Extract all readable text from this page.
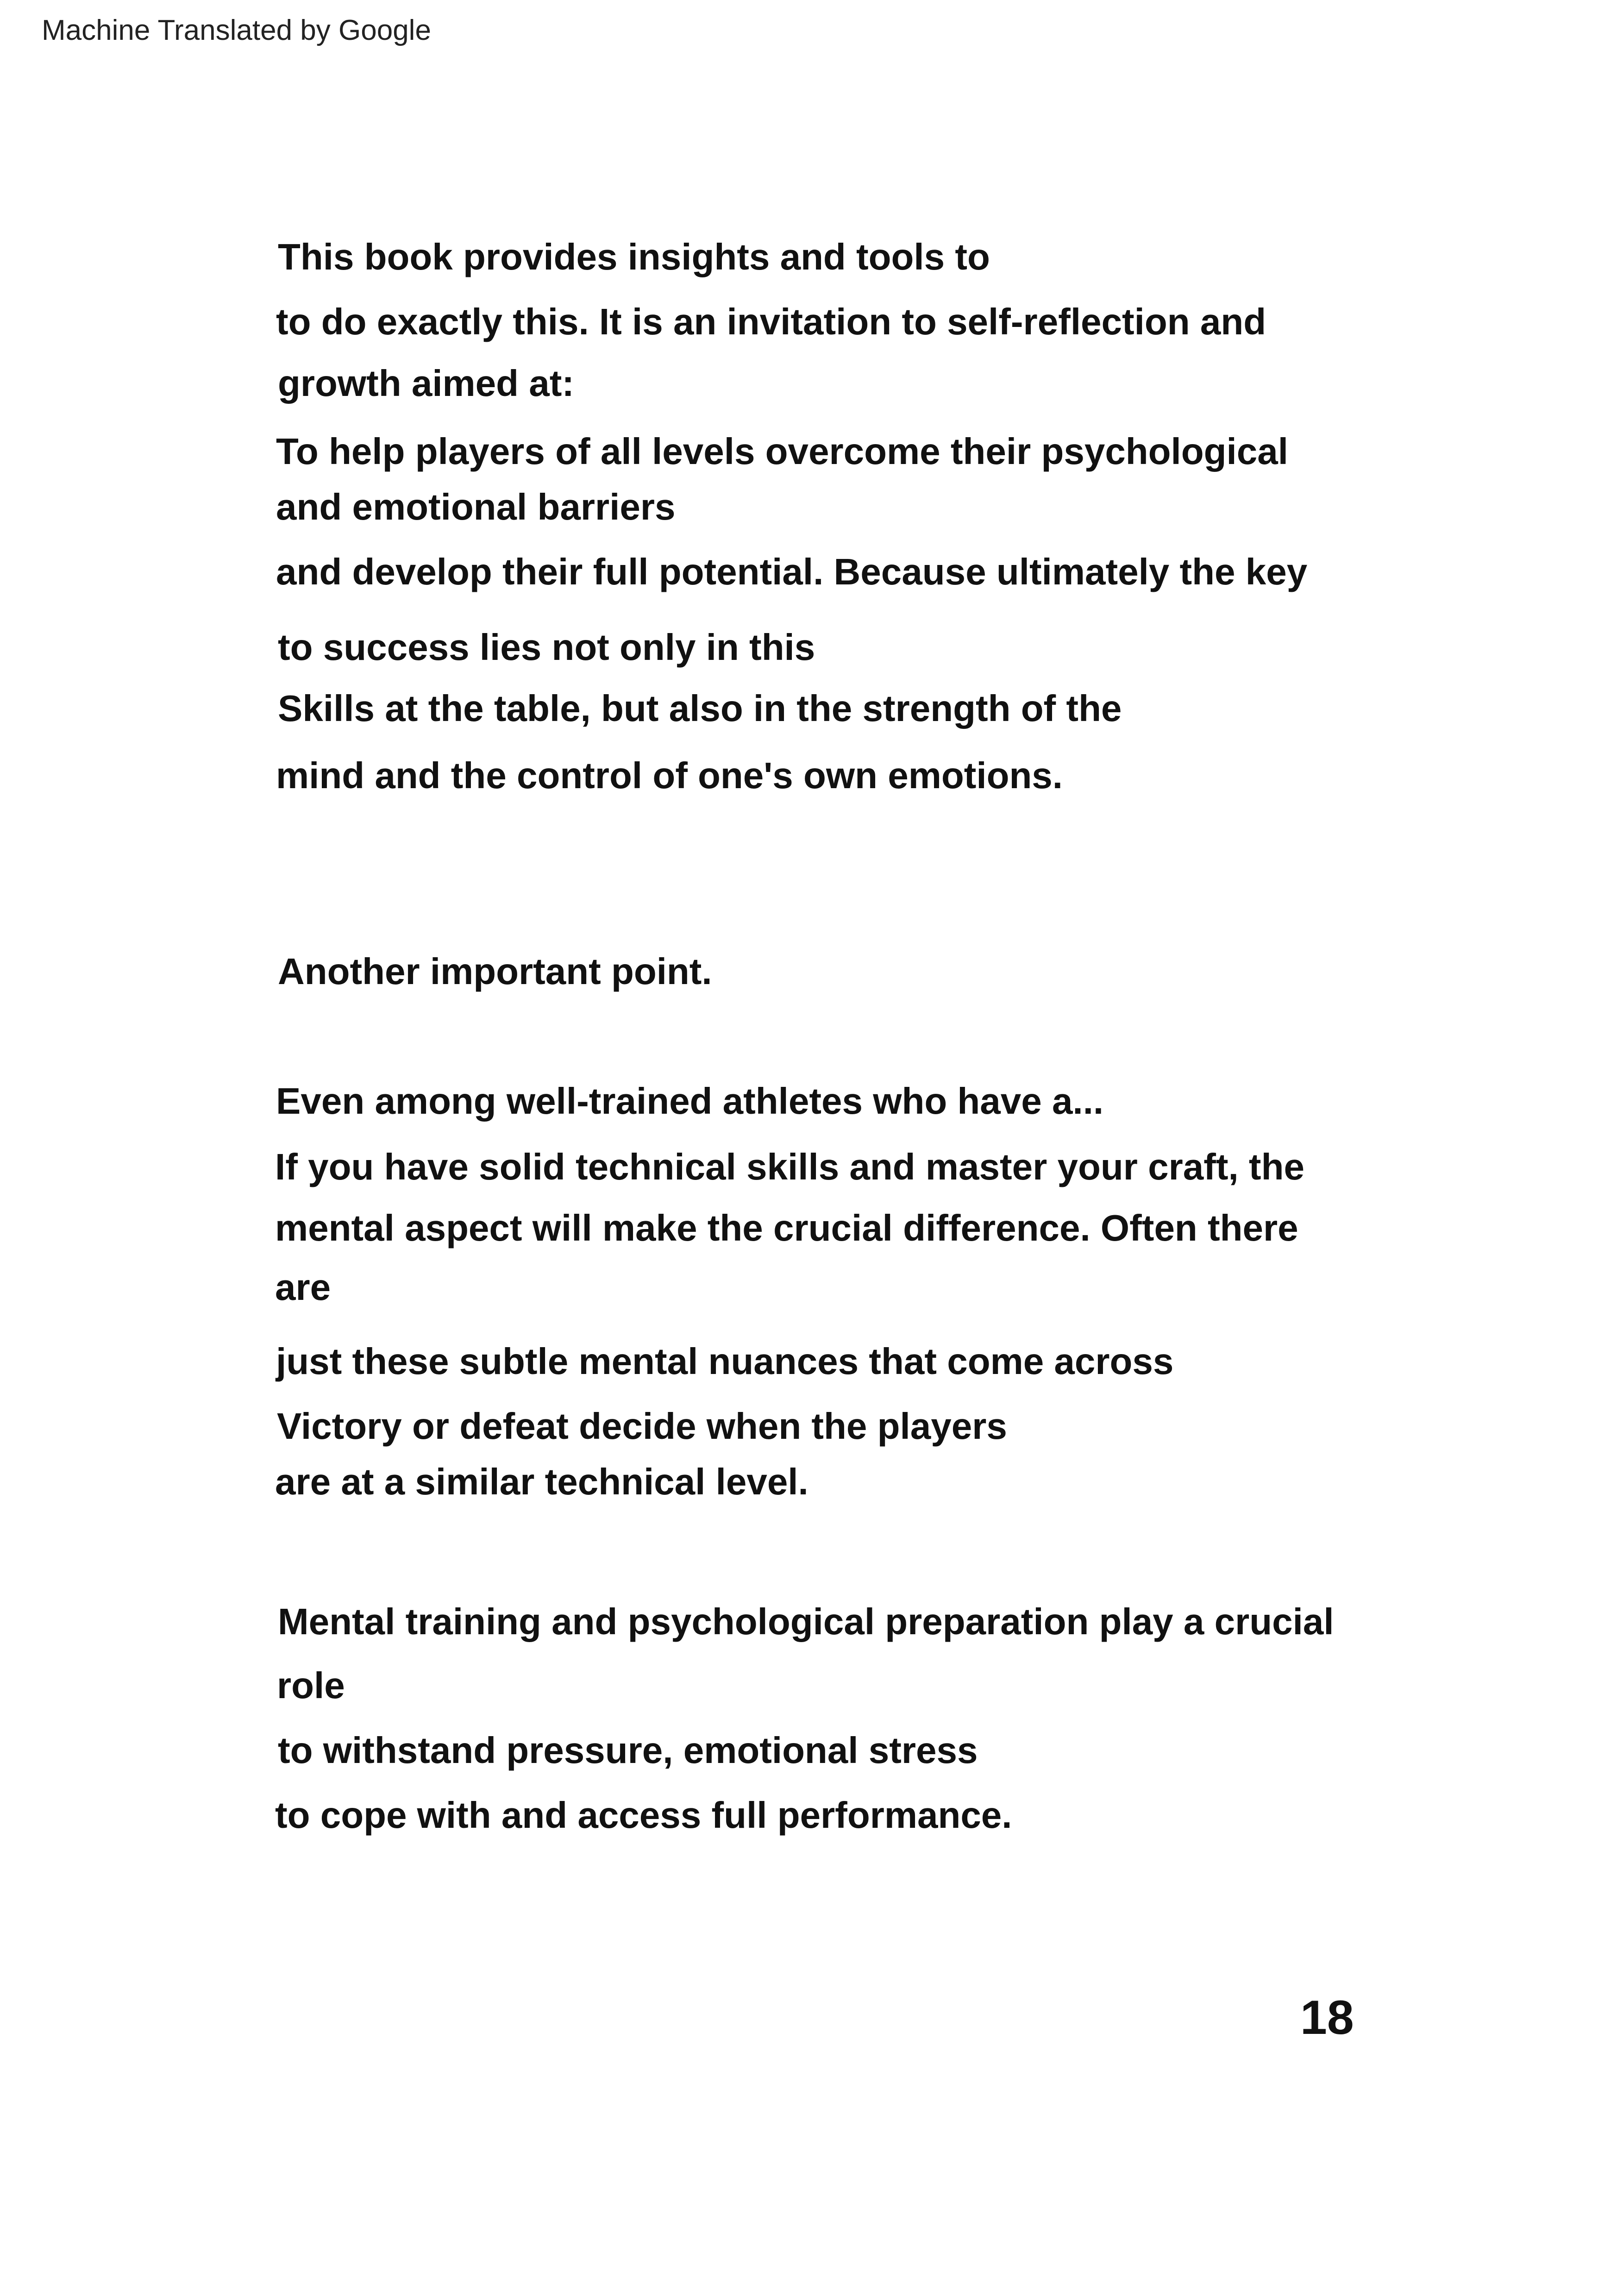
Machine Translated by Google
This book provides insights and tools to
to do exactly this. It is an invitation to self-reflection and
growth aimed at:
To help players of all levels overcome their psychological
and emotional barriers
and develop their full potential. Because ultimately the key
to success lies not only in this
Skills at the table, but also in the strength of the
mind and the control of one's own emotions.
Another important point.
Even among well-trained athletes who have a...
If you have solid technical skills and master your craft, the
mental aspect will make the crucial difference. Often there
are
just these subtle mental nuances that come across
Victory or defeat decide when the players
are at a similar technical level.
Mental training and psychological preparation play a crucial
role
to withstand pressure, emotional stress
to cope with and access full performance.
18
